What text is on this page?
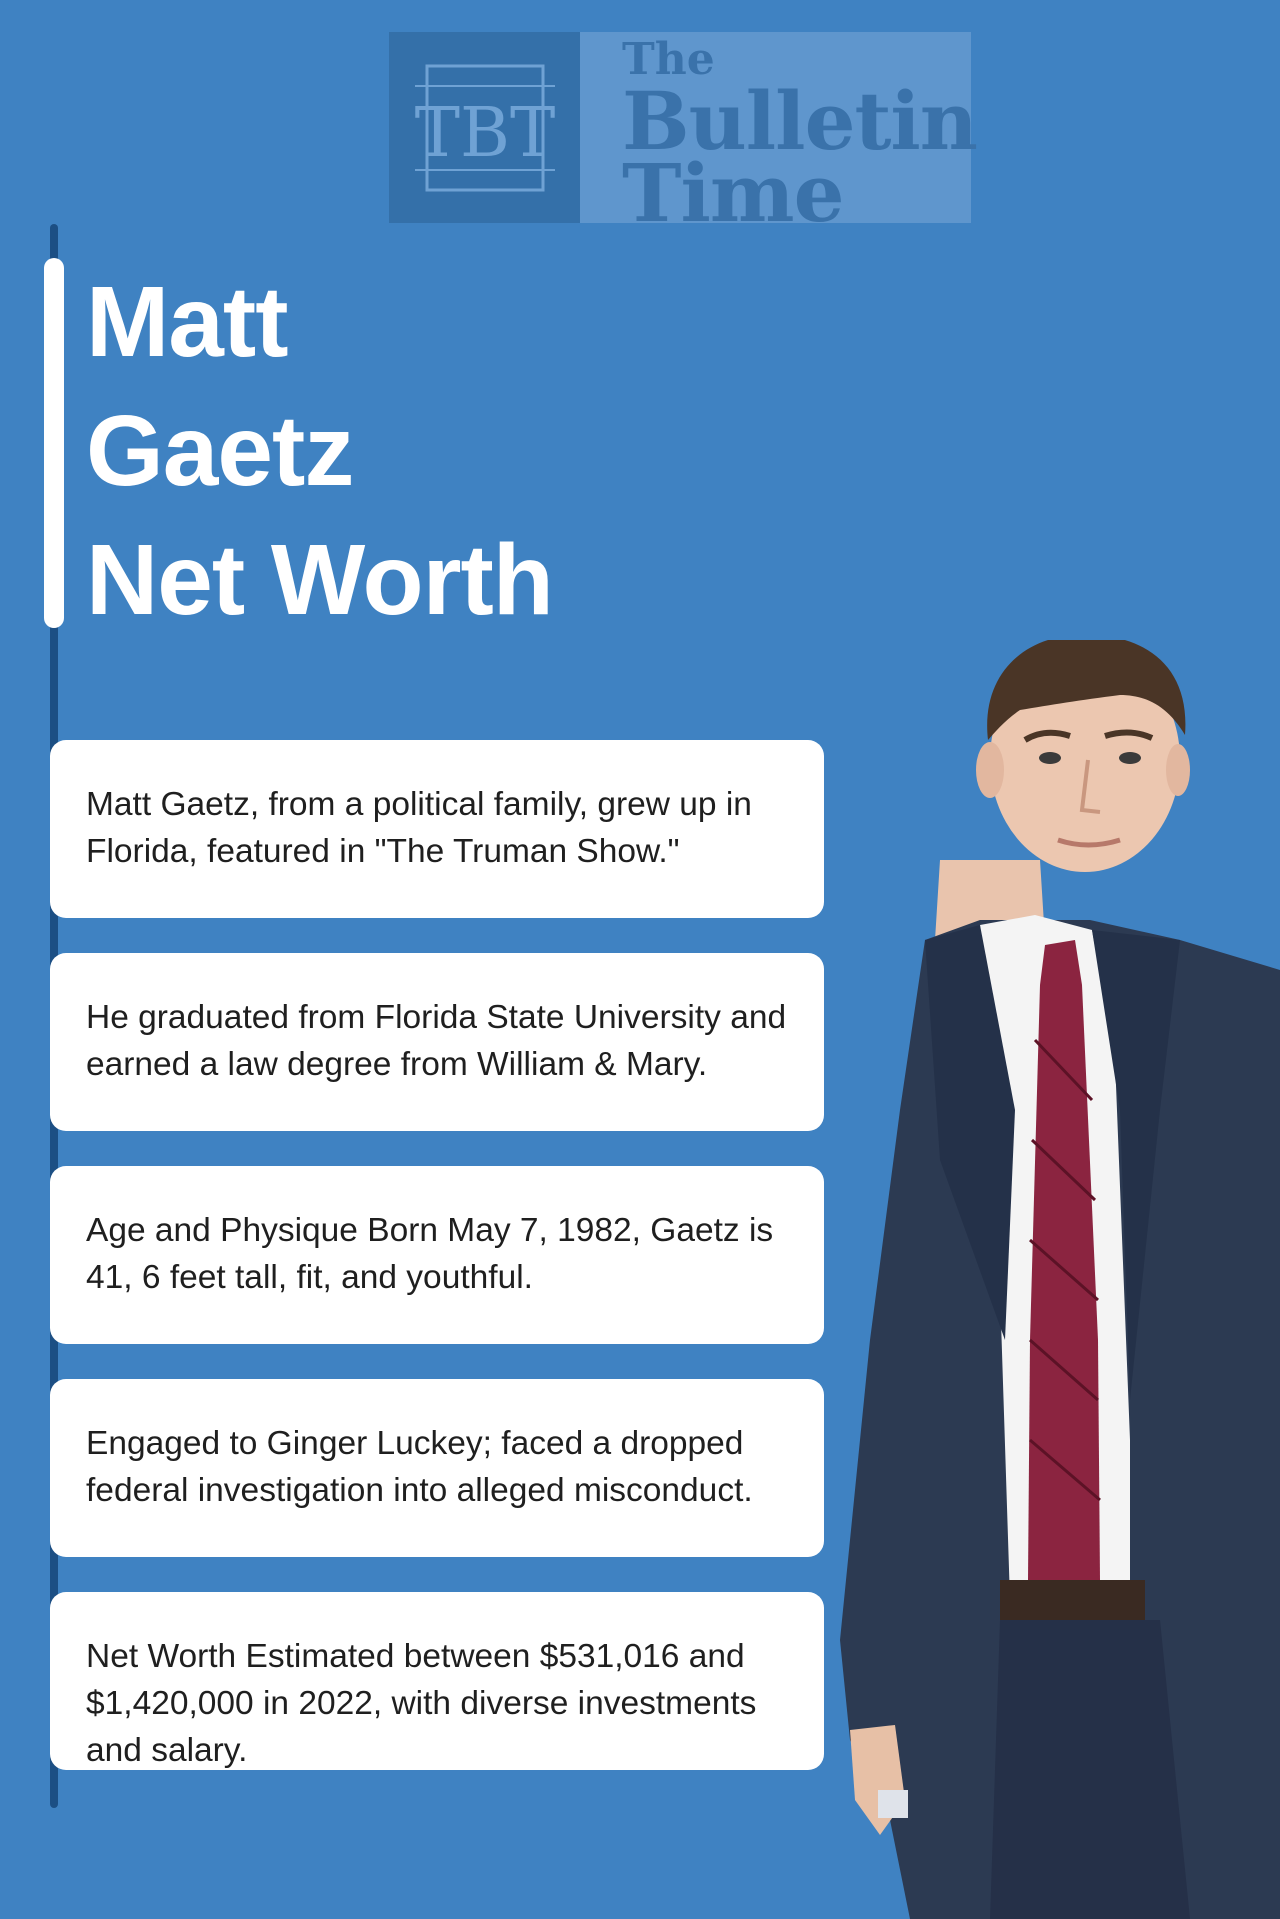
TBT
The
Bulletin
Time
Matt
Gaetz
Net Worth

Matt Gaetz, from a political family, grew up in Florida, featured in "The Truman Show."

He graduated from Florida State University and earned a law degree from William & Mary.

Age and Physique Born May 7, 1982, Gaetz is 41, 6 feet tall, fit, and youthful.

Engaged to Ginger Luckey; faced a dropped federal investigation into alleged misconduct.

Net Worth Estimated between $531,016 and $1,420,000 in 2022, with diverse investments and salary.
